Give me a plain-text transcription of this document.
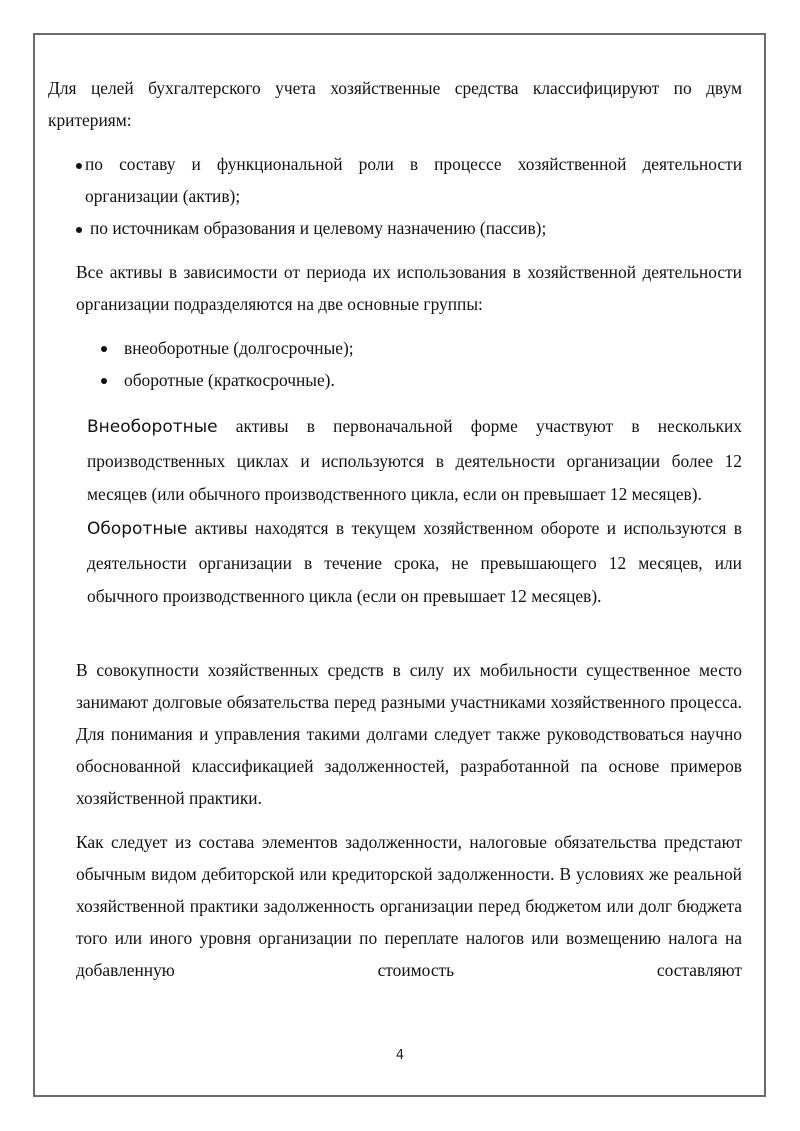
Для целей бухгалтерского учета хозяйственные средства классифицируют по двум критериям:
по составу и функциональной роли в процессе хозяйственной деятельности организации (актив);
по источникам образования и целевому назначению (пассив);
Все активы в зависимости от периода их использования в хозяйственной деятельности организации подразделяются на две основные группы:
внеоборотные (долгосрочные);
оборотные (краткосрочные).
Внеоборотные активы в первоначальной форме участвуют в нескольких производственных циклах и используются в деятельности организации более 12 месяцев (или обычного производственного цикла, если он превышает 12 месяцев).
Оборотные активы находятся в текущем хозяйственном обороте и используются в деятельности организации в течение срока, не превышающего 12 месяцев, или обычного производственного цикла (если он превышает 12 месяцев).
В совокупности хозяйственных средств в силу их мобильности существенное место занимают долговые обязательства перед разными участниками хозяйственного процесса. Для понимания и управления такими долгами следует также руководствоваться научно обоснованной классификацией задолженностей, разработанной па основе примеров хозяйственной практики.
Как следует из состава элементов задолженности, налоговые обязательства предстают обычным видом дебиторской или кредиторской задолженности. В условиях же реальной хозяйственной практики задолженность организации перед бюджетом или долг бюджета того или иного уровня организации по переплате налогов или возмещению налога на добавленную стоимость составляют
4
